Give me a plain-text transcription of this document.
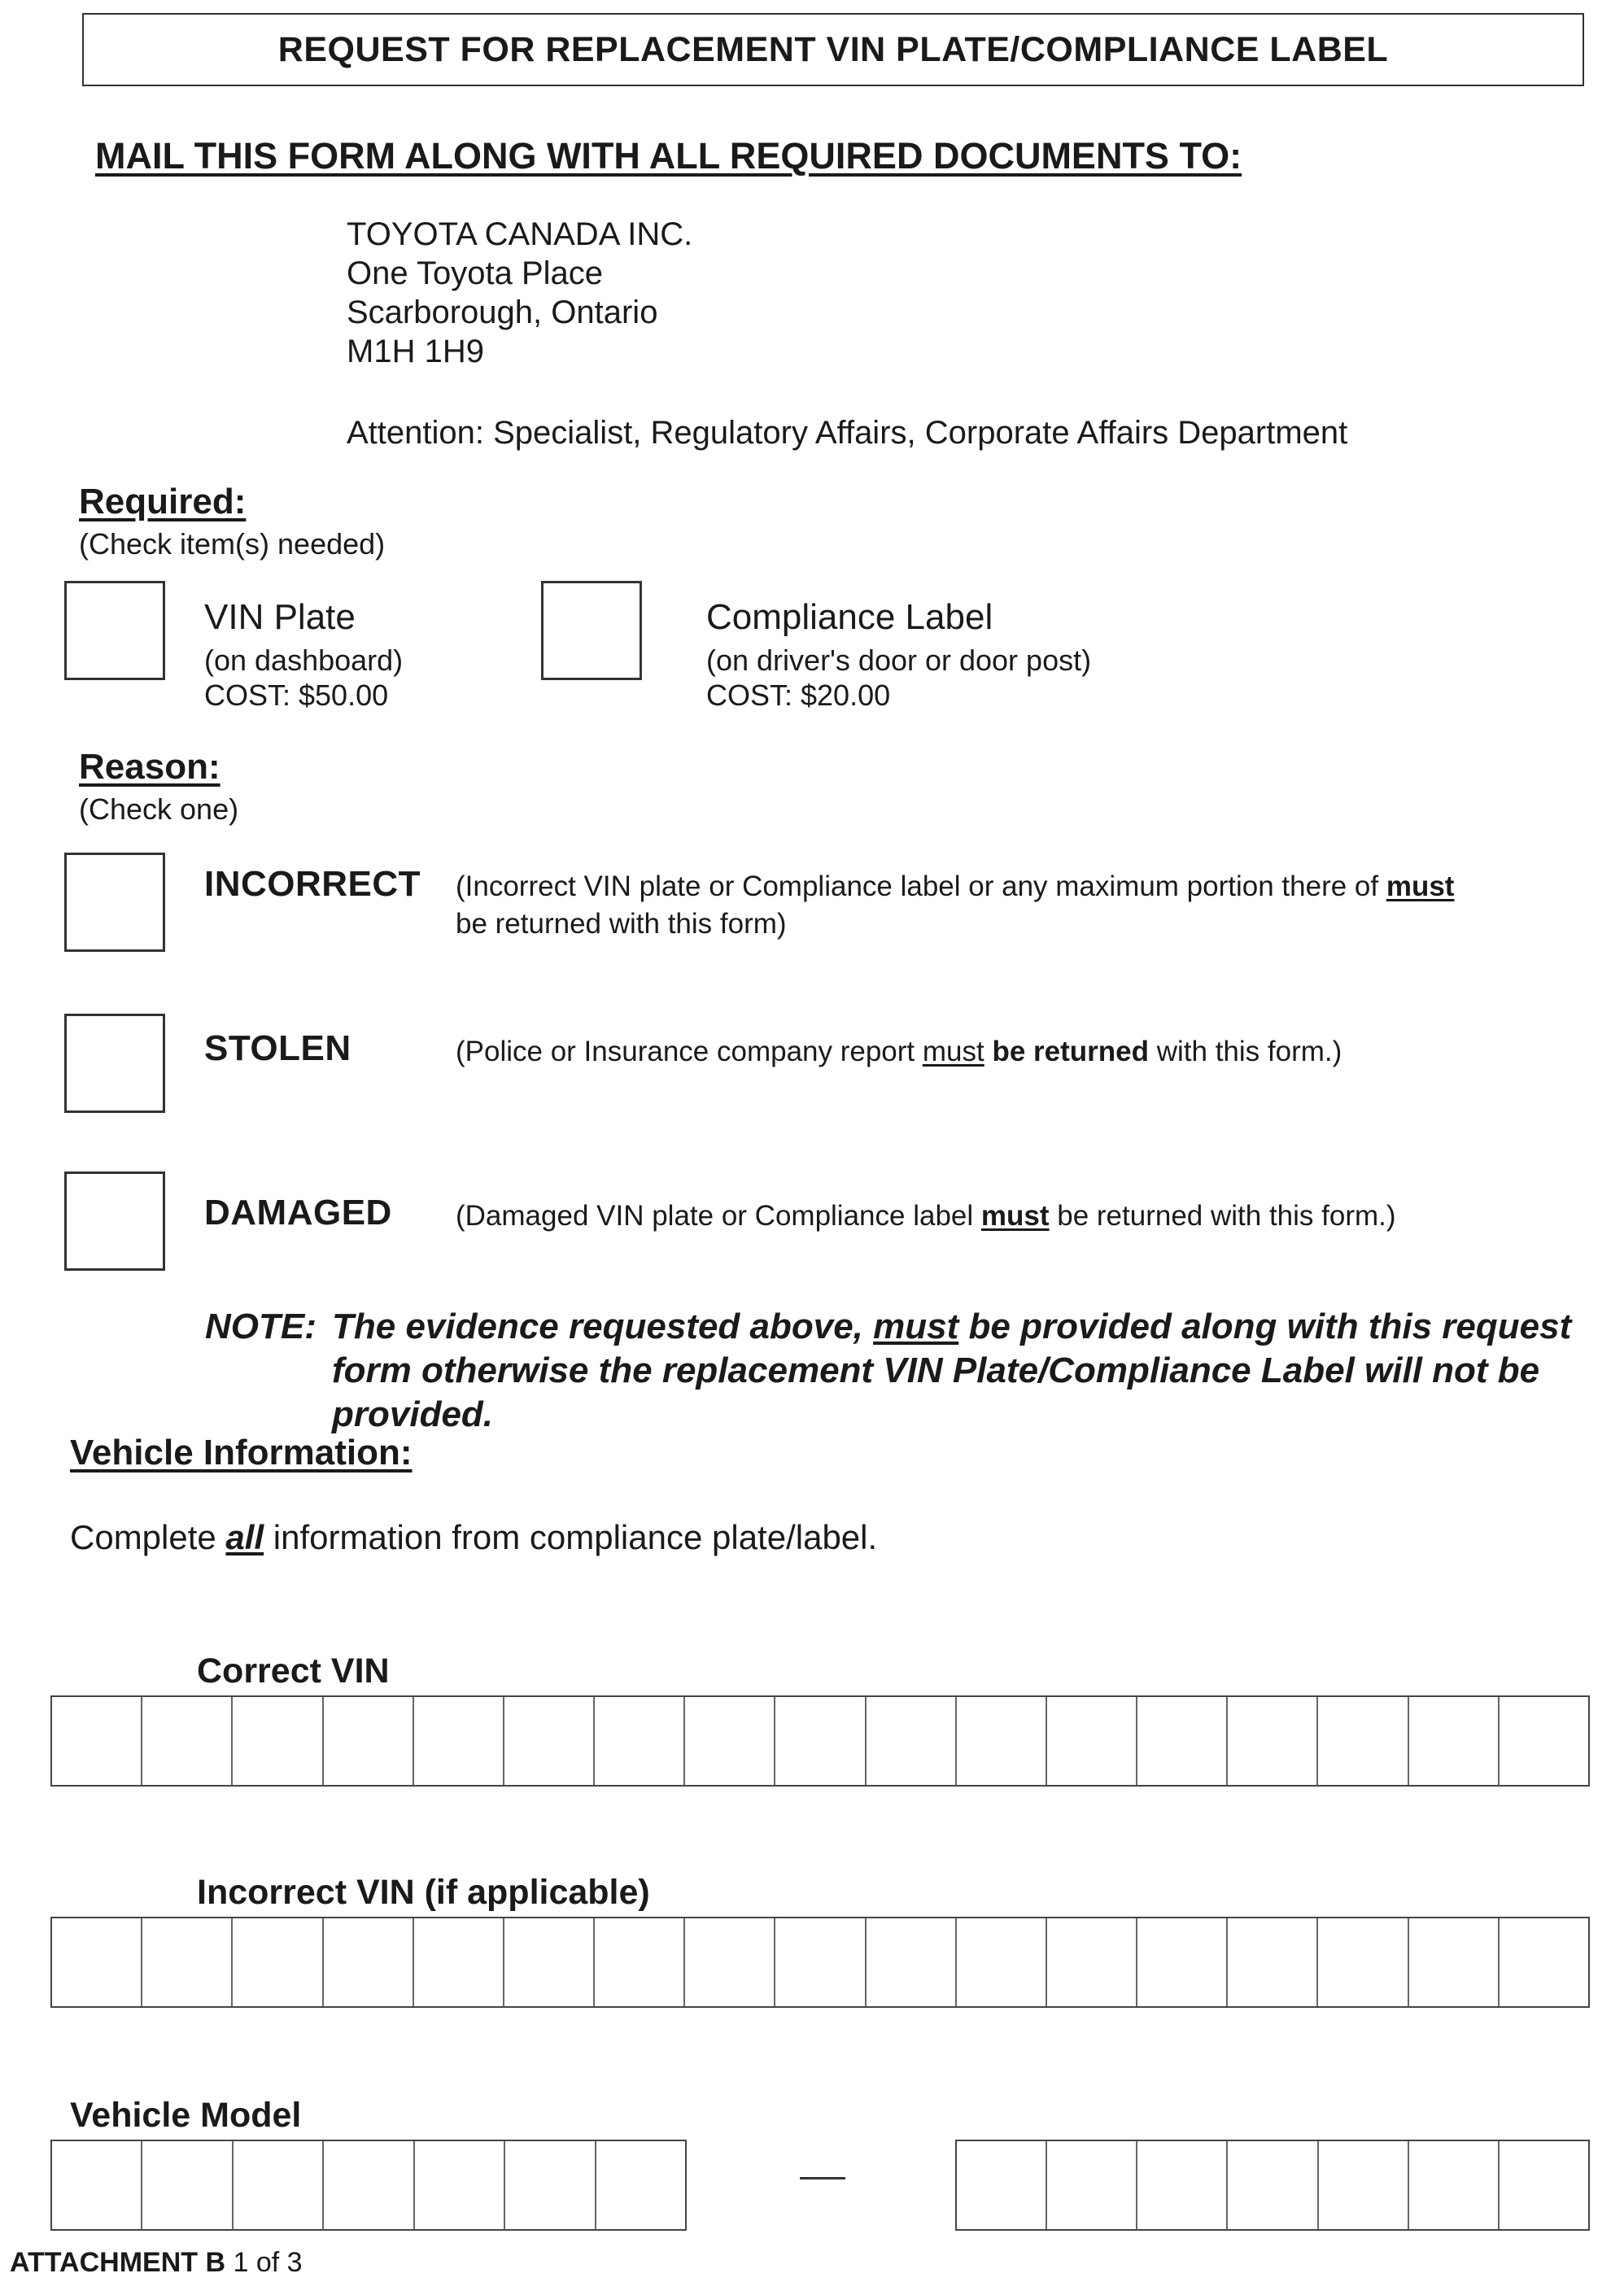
REQUEST FOR REPLACEMENT VIN PLATE/COMPLIANCE LABEL
MAIL THIS FORM ALONG WITH ALL REQUIRED DOCUMENTS TO:
TOYOTA CANADA INC.
One Toyota Place
Scarborough, Ontario
M1H 1H9
Attention: Specialist, Regulatory Affairs, Corporate Affairs Department
Required:
(Check item(s) needed)
VIN Plate
(on dashboard)
COST: $50.00
Compliance Label
(on driver's door or door post)
COST: $20.00
Reason:
(Check one)
INCORRECT (Incorrect VIN plate or Compliance label or any maximum portion there of must
be returned with this form)
STOLEN	(Police or Insurance company report must be returned with this form.)
DAMAGED (Damaged VIN plate or Compliance label must be returned with this form.)
NOTE: The evidence requested above, must be provided along with this request form otherwise the replacement VIN Plate/Compliance Label will not be provided.
Vehicle Information:
Complete all information from compliance plate/label.
Correct VIN
Incorrect VIN (if applicable)
Vehicle Model
ATTACHMENT B 1 of 3
